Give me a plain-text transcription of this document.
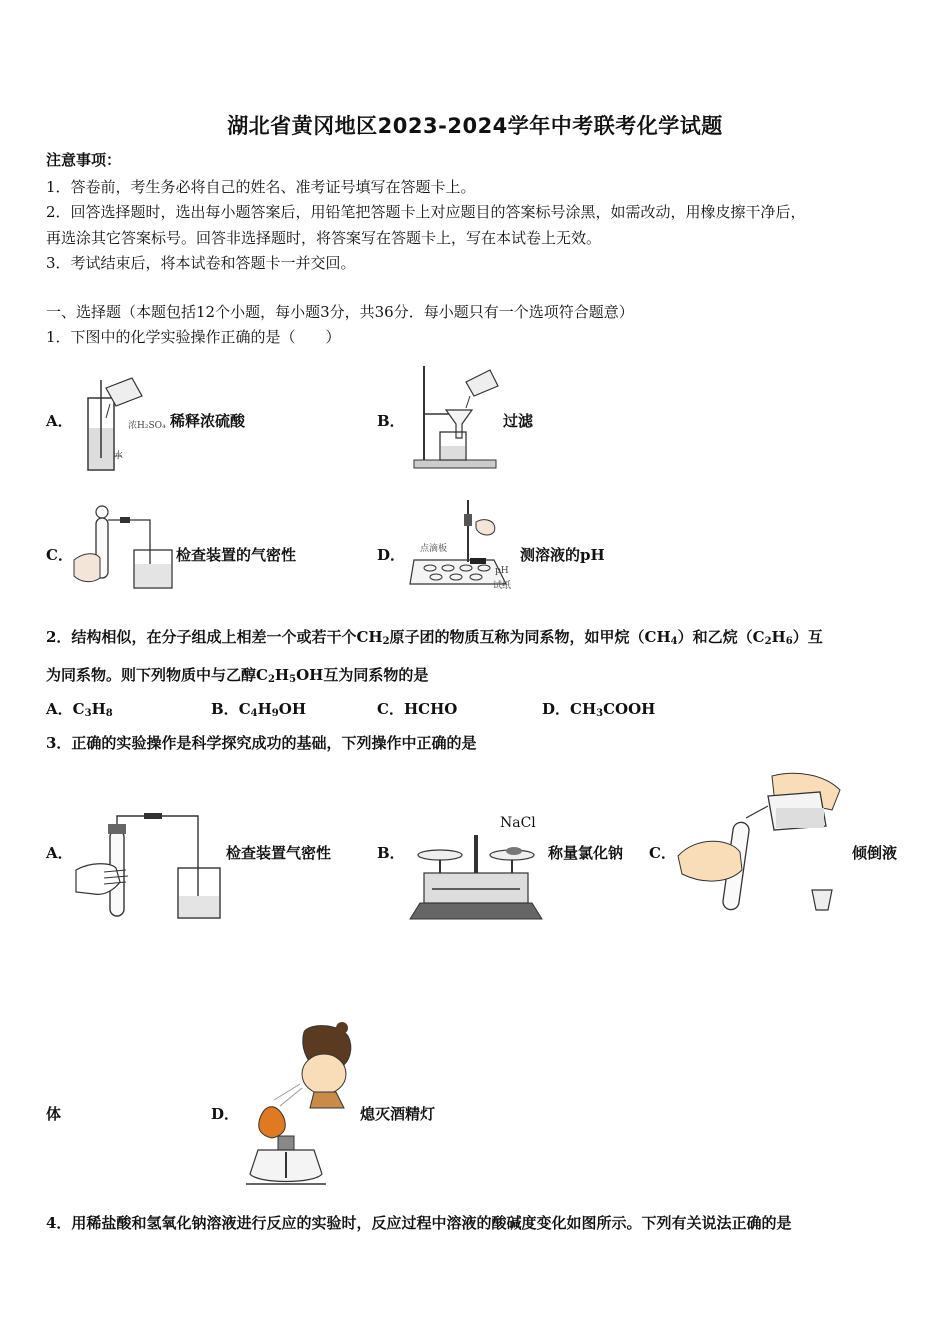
湖北省黄冈地区2023-2024学年中考联考化学试题
注意事项：
1．答卷前，考生务必将自己的姓名、准考证号填写在答题卡上。
2．回答选择题时，选出每小题答案后，用铅笔把答题卡上对应题目的答案标号涂黑，如需改动，用橡皮擦干净后，
再选涂其它答案标号。回答非选择题时，将答案写在答题卡上，写在本试卷上无效。
3．考试结束后，将本试卷和答题卡一并交回。
一、选择题（本题包括12个小题，每小题3分，共36分．每小题只有一个选项符合题意）
1．下图中的化学实验操作正确的是（　　）
A．	浓H₂SO₄
水
稀释浓硫酸	B．	过滤
C．	检查装置的气密性	D． 点滴板
pH
试纸
测溶液的pH
2．结构相似，在分子组成上相差一个或若干个$CH_2$原子团的物质互称为同系物，如甲烷$(CH_4)$和乙烷$(C_2H_6)$互
为同系物。则下列物质中与乙醇$C_2H_5OH$互为同系物的是
A．$C_3H_8$	B．$C_4H_9OH$	C．HCHO	D．$CH_3COOH$
3．正确的实验操作是科学探究成功的基础，下列操作中正确的是
A．	检查装置气密性	B．
NaCl
称量氯化钠 C．	倾倒液
体	D．	熄灭酒精灯
4．用稀盐酸和氢氧化钠溶液进行反应的实验时，反应过程中溶液的酸碱度变化如图所示。下列有关说法正确的是
